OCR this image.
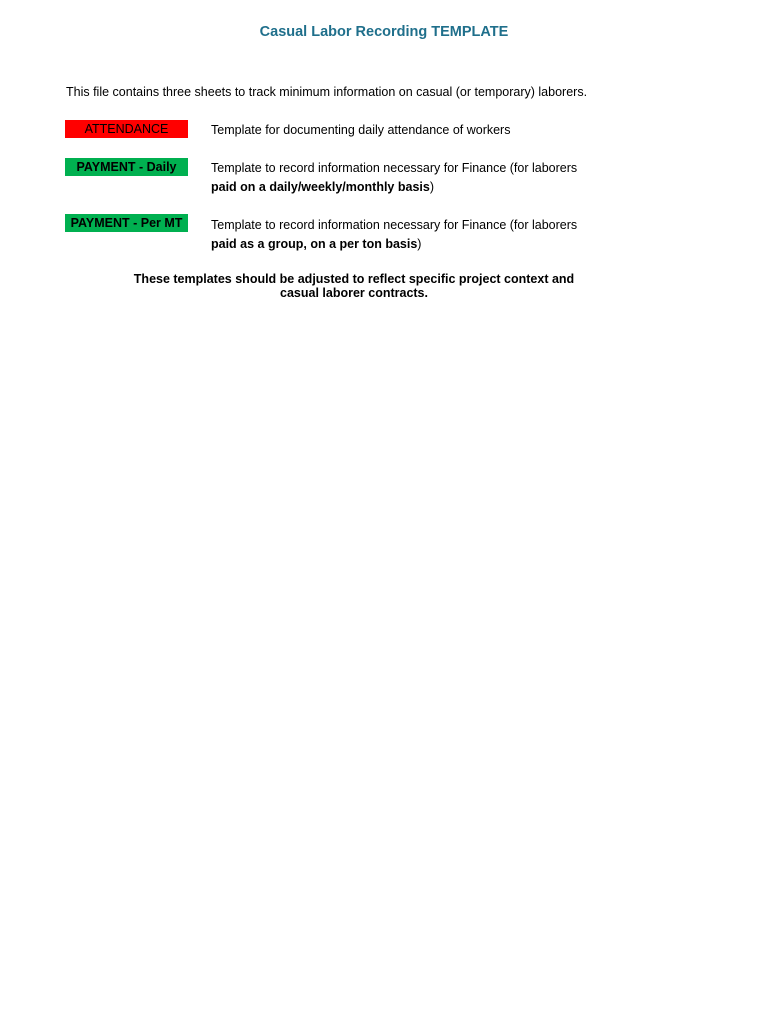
Casual Labor Recording TEMPLATE
This file contains three sheets to track minimum information on casual (or temporary) laborers.
ATTENDANCE	Template for documenting daily attendance of workers
PAYMENT - Daily	Template to record information necessary for Finance (for laborers
paid on a daily/weekly/monthly basis)
PAYMENT - Per MT	Template to record information necessary for Finance (for laborers
paid as a group, on a per ton basis)
These templates should be adjusted to reflect specific project context and
casual laborer contracts.
